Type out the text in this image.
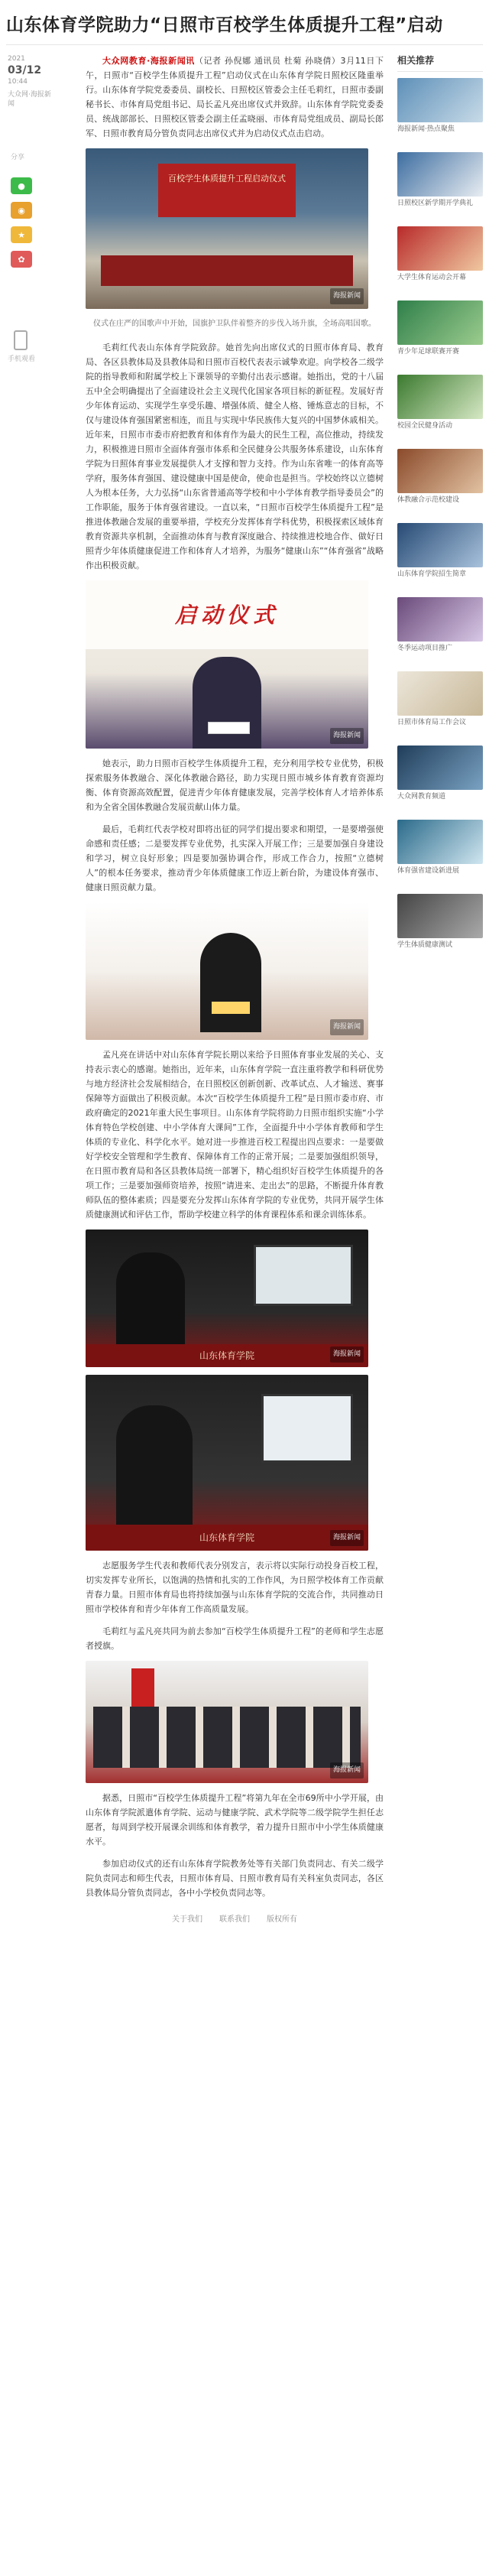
山东体育学院助力“日照市百校学生体质提升工程”启动
2021
03/12
10:44
大众网·海报新闻
分享
●
◉
★
✿
手机观看

大众网教育·海报新闻讯（记者 孙倪娜 通讯员 杜菊 孙晓倩）3月11日下午，日照市“百校学生体质提升工程”启动仪式在山东体育学院日照校区隆重举行。山东体育学院党委委员、副校长、日照校区管委会主任毛莉红，日照市委副秘书长、市体育局党组书记、局长孟凡亮出席仪式并致辞。山东体育学院党委委员、统战部部长、日照校区管委会副主任孟晓丽、市体育局党组成员、副局长郎军、日照市教育局分管负责同志出席仪式并为启动仪式点击启动。

百校学生体质提升工程启动仪式
海报新闻

仪式在庄严的国歌声中开始，国旗护卫队伴着整齐的步伐入场升旗，全场高唱国歌。

毛莉红代表山东体育学院致辞。她首先向出席仪式的日照市体育局、教育局、各区县教体局及县教体局和日照市百校代表表示诚挚欢迎。向学校各二级学院的指导教师和附属学校上下课领导的辛勤付出表示感谢。她指出，党的十八届五中全会明确提出了全面建设社会主义现代化国家各项目标的新征程。发展好青少年体育运动、实现学生享受乐趣、增强体质、健全人格、锤炼意志的目标，不仅与建设体育强国紧密相连，而且与实现中华民族伟大复兴的中国梦休戚相关。近年来，日照市市委市府把教育和体育作为最大的民生工程，高位推动，持续发力，积极推进日照市全面体育强市体系和全民健身公共服务体系建设，山东体育学院为日照体育事业发展提供人才支撑和智力支持。作为山东省唯一的体育高等学府，服务体育强国、建设健康中国是使命，使命也是担当。学校始终以立德树人为根本任务，大力弘扬“山东省普通高等学校和中小学体育教学指导委员会”的工作职能，服务于体育强省建设。一直以来，“日照市百校学生体质提升工程”是推进体教融合发展的重要举措，学校充分发挥体育学科优势，积极探索区域体育教育资源共享机制，全面推动体育与教育深度融合、持续推进校地合作、做好日照青少年体质健康促进工作和体育人才培养，为服务“健康山东”“体育强省”战略作出积极贡献。

启动仪式
海报新闻

她表示，助力日照市百校学生体质提升工程，充分利用学校专业优势，积极探索服务体教融合、深化体教融合路径，助力实现日照市城乡体育教育资源均衡、体育资源高效配置，促进青少年体育健康发展，完善学校体育人才培养体系和为全省全国体教融合发展贡献山体力量。

最后，毛莉红代表学校对即将出征的同学们提出要求和期望，一是要增强使命感和责任感；二是要发挥专业优势，扎实深入开展工作；三是要加强自身建设和学习，树立良好形象；四是要加强协调合作，形成工作合力，按照“立德树人”的根本任务要求，推动青少年体质健康工作迈上新台阶，为建设体育强市、健康日照贡献力量。

海报新闻

孟凡亮在讲话中对山东体育学院长期以来给予日照体育事业发展的关心、支持表示衷心的感谢。她指出，近年来，山东体育学院一直注重将教学和科研优势与地方经济社会发展相结合，在日照校区创新创新、改革试点、人才输送、赛事保障等方面做出了积极贡献。本次“百校学生体质提升工程”是日照市委市府、市政府确定的2021年重大民生事项目。山东体育学院将助力日照市组织实施“小学体育特色学校创建、中小学体育大课间”工作，全面提升中小学体育教师和学生体质的专业化、科学化水平。她对进一步推进百校工程提出四点要求：一是要做好学校安全管理和学生教育、保障体育工作的正常开展；二是要加强组织领导，在日照市教育局和各区县教体局统一部署下，精心组织好百校学生体质提升的各项工作；三是要加强师资培养，按照“请进来、走出去”的思路，不断提升体育教师队伍的整体素质；四是要充分发挥山东体育学院的专业优势，共同开展学生体质健康测试和评估工作，帮助学校建立科学的体育课程体系和课余训练体系。

山东体育学院	海报新闻
山东体育学院	海报新闻

志愿服务学生代表和教师代表分别发言，表示将以实际行动投身百校工程，切实发挥专业所长，以饱满的热情和扎实的工作作风，为日照学校体育工作贡献青春力量。日照市体育局也将持续加强与山东体育学院的交流合作，共同推动日照市学校体育和青少年体育工作高质量发展。

毛莉红与孟凡亮共同为前去参加“百校学生体质提升工程”的老师和学生志愿者授旗。

海报新闻

据悉，日照市“百校学生体质提升工程”将第九年在全市69所中小学开展，由山东体育学院派遣体育学院、运动与健康学院、武术学院等二级学院学生担任志愿者，每周到学校开展课余训练和体育教学，着力提升日照市中小学生体质健康水平。

参加启动仪式的还有山东体育学院教务处等有关部门负责同志、有关二级学院负责同志和师生代表，日照市体育局、日照市教育局有关科室负责同志，各区县教体局分管负责同志，各中小学校负责同志等。

关于我们 联系我们 版权所有
相关推荐
海报新闻·热点聚焦
日照校区新学期开学典礼
大学生体育运动会开幕
青少年足球联赛开赛
校园全民健身活动
体教融合示范校建设
山东体育学院招生简章
冬季运动项目推广
日照市体育局工作会议
大众网教育频道
体育强省建设新进展
学生体质健康测试
